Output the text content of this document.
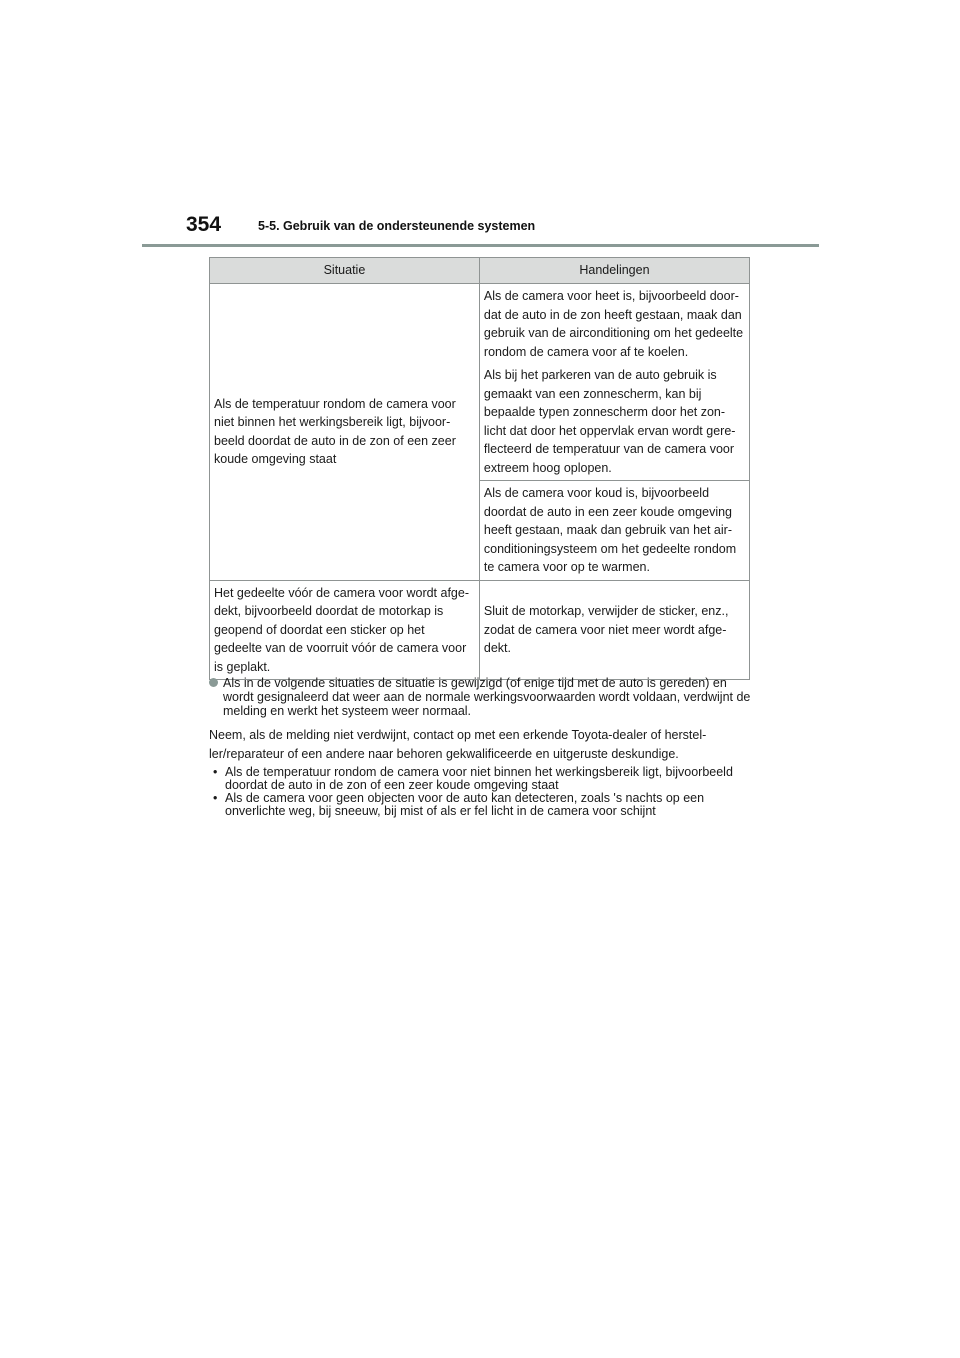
354	5-5. Gebruik van de ondersteunende systemen
Situatie	Handelingen
Als de temperatuur rondom de camera voor niet binnen het werkingsbereik ligt, bijvoor-beeld doordat de auto in de zon of een zeer koude omgeving staat	Als de camera voor heet is, bijvoorbeeld door-dat de auto in de zon heeft gestaan, maak dan gebruik van de airconditioning om het gedeelte rondom de camera voor af te koelen.

Als bij het parkeren van de auto gebruik is gemaakt van een zonnescherm, kan bij bepaalde typen zonnescherm door het zon-licht dat door het oppervlak ervan wordt gere-flecteerd de temperatuur van de camera voor extreem hoog oplopen.

	Als de camera voor koud is, bijvoorbeeld doordat de auto in een zeer koude omgeving heeft gestaan, maak dan gebruik van het air-conditioningsysteem om het gedeelte rondom te camera voor op te warmen.

Het gedeelte vóór de camera voor wordt afge-dekt, bijvoorbeeld doordat de motorkap is geopend of doordat een sticker op het gedeelte van de voorruit vóór de camera voor is geplakt.	Sluit de motorkap, verwijder de sticker, enz., zodat de camera voor niet meer wordt afge-dekt.

Als in de volgende situaties de situatie is gewijzigd (of enige tijd met de auto is gereden) en wordt gesignaleerd dat weer aan de normale werkingsvoorwaarden wordt voldaan, verdwijnt de melding en werkt het systeem weer normaal.

Neem, als de melding niet verdwijnt, contact op met een erkende Toyota-dealer of herstel-ler/reparateur of een andere naar behoren gekwalificeerde en uitgeruste deskundige.

• Als de temperatuur rondom de camera voor niet binnen het werkingsbereik ligt, bijvoorbeeld doordat de auto in de zon of een zeer koude omgeving staat
• Als de camera voor geen objecten voor de auto kan detecteren, zoals 's nachts op een onverlichte weg, bij sneeuw, bij mist of als er fel licht in de camera voor schijnt
